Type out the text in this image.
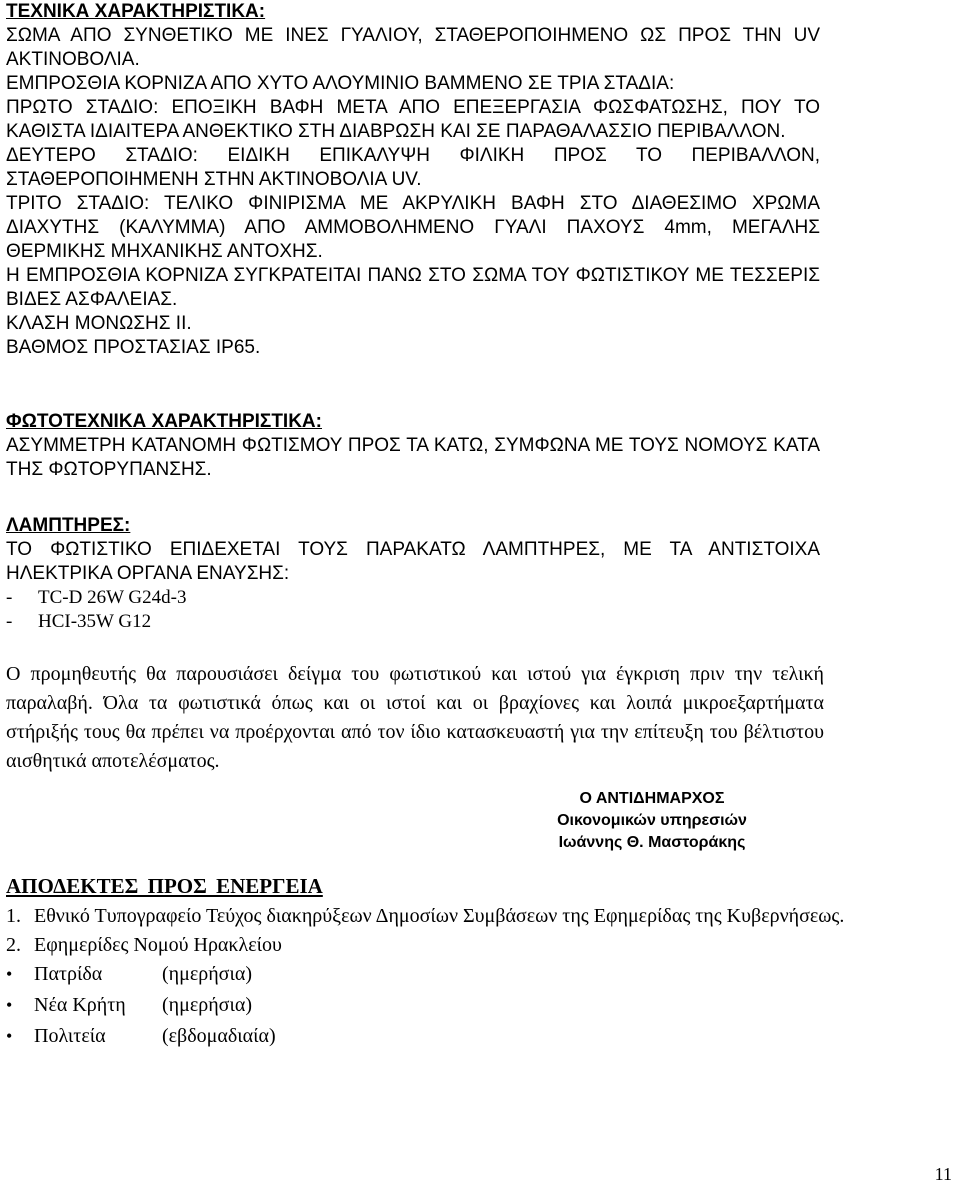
ΤΕΧΝΙΚΑ ΧΑΡΑΚΤΗΡΙΣΤΙΚΑ:
ΣΩΜΑ ΑΠΟ ΣΥΝΘΕΤΙΚΟ ΜΕ ΙΝΕΣ ΓΥΑΛΙΟΥ, ΣΤΑΘΕΡΟΠΟΙΗΜΕΝΟ ΩΣ ΠΡΟΣ ΤΗΝ UV ΑΚΤΙΝΟΒΟΛΙΑ.
ΕΜΠΡΟΣΘΙΑ ΚΟΡΝΙΖΑ ΑΠΟ ΧΥΤΟ ΑΛΟΥΜΙΝΙΟ ΒΑΜΜΕΝΟ ΣΕ ΤΡΙΑ ΣΤΑΔΙΑ:
ΠΡΩΤΟ ΣΤΑΔΙΟ: ΕΠΟΞΙΚΗ ΒΑΦΗ ΜΕΤΑ ΑΠΟ ΕΠΕΞΕΡΓΑΣΙΑ ΦΩΣΦΑΤΩΣΗΣ, ΠΟΥ ΤΟ ΚΑΘΙΣΤΑ ΙΔΙΑΙΤΕΡΑ ΑΝΘΕΚΤΙΚΟ ΣΤΗ ΔΙΑΒΡΩΣΗ ΚΑΙ ΣΕ ΠΑΡΑΘΑΛΑΣΣΙΟ ΠΕΡΙΒΑΛΛΟΝ.
ΔΕΥΤΕΡΟ ΣΤΑΔΙΟ: ΕΙΔΙΚΗ ΕΠΙΚΑΛΥΨΗ ΦΙΛΙΚΗ ΠΡΟΣ ΤΟ ΠΕΡΙΒΑΛΛΟΝ, ΣΤΑΘΕΡΟΠΟΙΗΜΕΝΗ ΣΤΗΝ ΑΚΤΙΝΟΒΟΛΙΑ UV.
ΤΡΙΤΟ ΣΤΑΔΙΟ: ΤΕΛΙΚΟ ΦΙΝΙΡΙΣΜΑ ΜΕ ΑΚΡΥΛΙΚΗ ΒΑΦΗ ΣΤΟ ΔΙΑΘΕΣΙΜΟ ΧΡΩΜΑ ΔΙΑΧΥΤΗΣ (ΚΑΛΥΜΜΑ) ΑΠΟ ΑΜΜΟΒΟΛΗΜΕΝΟ ΓΥΑΛΙ ΠΑΧΟΥΣ 4mm, ΜΕΓΑΛΗΣ ΘΕΡΜΙΚΗΣ ΜΗΧΑΝΙΚΗΣ ΑΝΤΟΧΗΣ.
Η ΕΜΠΡΟΣΘΙΑ ΚΟΡΝΙΖΑ ΣΥΓΚΡΑΤΕΙΤΑΙ ΠΑΝΩ ΣΤΟ ΣΩΜΑ ΤΟΥ ΦΩΤΙΣΤΙΚΟΥ ΜΕ ΤΕΣΣΕΡΙΣ ΒΙΔΕΣ ΑΣΦΑΛΕΙΑΣ.
ΚΛΑΣΗ ΜΟΝΩΣΗΣ ΙΙ.
ΒΑΘΜΟΣ ΠΡΟΣΤΑΣΙΑΣ IP65.
ΦΩΤΟΤΕΧΝΙΚΑ ΧΑΡΑΚΤΗΡΙΣΤΙΚΑ:
ΑΣΥΜΜΕΤΡΗ ΚΑΤΑΝΟΜΗ ΦΩΤΙΣΜΟΥ ΠΡΟΣ ΤΑ ΚΑΤΩ, ΣΥΜΦΩΝΑ ΜΕ ΤΟΥΣ ΝΟΜΟΥΣ ΚΑΤΑ ΤΗΣ ΦΩΤΟΡΥΠΑΝΣΗΣ.
ΛΑΜΠΤΗΡΕΣ:
ΤΟ ΦΩΤΙΣΤΙΚΟ ΕΠΙΔΕΧΕΤΑΙ ΤΟΥΣ ΠΑΡΑΚΑΤΩ ΛΑΜΠΤΗΡΕΣ, ΜΕ ΤΑ ΑΝΤΙΣΤΟΙΧΑ ΗΛΕΚΤΡΙΚΑ ΟΡΓΑΝΑ ΕΝΑΥΣΗΣ:
- TC-D 26W G24d-3
- HCI-35W G12
Ο προμηθευτής θα παρουσιάσει δείγμα του φωτιστικού και ιστού για έγκριση πριν την τελική παραλαβή. Όλα τα φωτιστικά όπως και οι ιστοί και οι βραχίονες και λοιπά μικροεξαρτήματα στήριξής τους θα πρέπει να προέρχονται από τον ίδιο κατασκευαστή για την επίτευξη του βέλτιστου αισθητικά αποτελέσματος.
Ο ΑΝΤΙΔΗΜΑΡΧΟΣ
Οικονομικών υπηρεσιών
Ιωάννης Θ. Μαστοράκης
ΑΠΟΔΕΚΤΕΣ ΠΡΟΣ ΕΝΕΡΓΕΙΑ
1. Εθνικό Τυπογραφείο Τεύχος διακηρύξεων Δημοσίων Συμβάσεων της Εφημερίδας της Κυβερνήσεως.
2. Εφημερίδες Νομού Ηρακλείου
• Πατρίδα	(ημερήσια)
• Νέα Κρήτη (ημερήσια)
• Πολιτεία	(εβδομαδιαία)
11
